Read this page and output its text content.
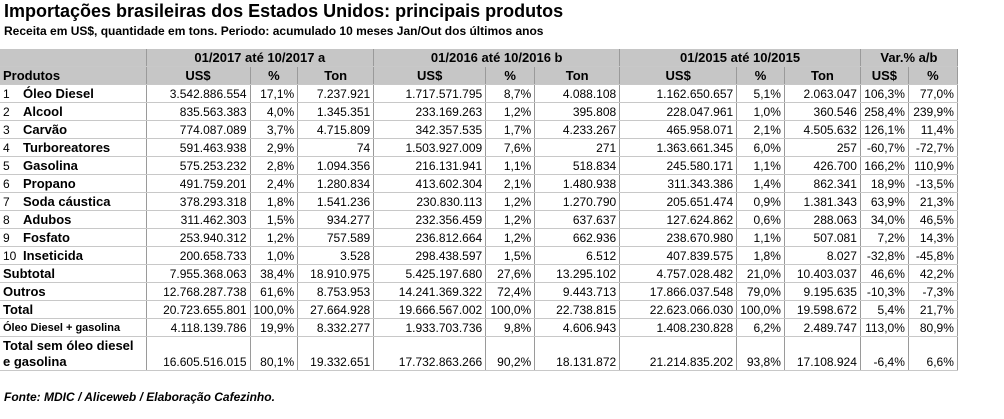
Importações brasileiras dos Estados Unidos: principais produtos
Receita em US$, quantidade em tons. Periodo: acumulado 10 meses Jan/Out dos últimos anos
		01/2017 até 10/2017 a			01/2016 até 10/2016 b			01/2015 até 10/2015			Var.% a/b	
Produtos		US$	%	Ton	US$	%	Ton	US$	%	Ton	US$	%
1	Óleo Diesel	3.542.886.554	17,1%	7.237.921	1.717.571.795	8,7%	4.088.108	1.162.650.657	5,1%	2.063.047	106,3%	77,0%
2	Alcool	835.563.383	4,0%	1.345.351	233.169.263	1,2%	395.808	228.047.961	1,0%	360.546	258,4%	239,9%
3	Carvão	774.087.089	3,7%	4.715.809	342.357.535	1,7%	4.233.267	465.958.071	2,1%	4.505.632	126,1%	11,4%
4	Turboreatores	591.463.938	2,9%	74	1.503.927.009	7,6%	271	1.363.661.345	6,0%	257	-60,7%	-72,7%
5	Gasolina	575.253.232	2,8%	1.094.356	216.131.941	1,1%	518.834	245.580.171	1,1%	426.700	166,2%	110,9%
6	Propano	491.759.201	2,4%	1.280.834	413.602.304	2,1%	1.480.938	311.343.386	1,4%	862.341	18,9%	-13,5%
7	Soda cáustica	378.293.318	1,8%	1.541.236	230.830.113	1,2%	1.270.790	205.651.474	0,9%	1.381.343	63,9%	21,3%
8	Adubos	311.462.303	1,5%	934.277	232.356.459	1,2%	637.637	127.624.862	0,6%	288.063	34,0%	46,5%
9	Fosfato	253.940.312	1,2%	757.589	236.812.664	1,2%	662.936	238.670.980	1,1%	507.081	7,2%	14,3%
10	Inseticida	200.658.733	1,0%	3.528	298.438.597	1,5%	6.512	407.839.575	1,8%	8.027	-32,8%	-45,8%
Subtotal		7.955.368.063	38,4%	18.910.975	5.425.197.680	27,6%	13.295.102	4.757.028.482	21,0%	10.403.037	46,6%	42,2%
Outros		12.768.287.738	61,6%	8.753.953	14.241.369.322	72,4%	9.443.713	17.866.037.548	79,0%	9.195.635	-10,3%	-7,3%
Total		20.723.655.801	100,0%	27.664.928	19.666.567.002	100,0%	22.738.815	22.623.066.030	100,0%	19.598.672	5,4%	21,7%
Óleo Diesel + gasolina		4.118.139.786	19,9%	8.332.277	1.933.703.736	9,8%	4.606.943	1.408.230.828	6,2%	2.489.747	113,0%	80,9%

Total sem óleo diesel
e gasolina		16.605.516.015	80,1%	19.332.651	17.732.863.266	90,2%	18.131.872	21.214.835.202	93,8%	17.108.924	-6,4%	6,6%
Fonte: MDIC / Aliceweb / Elaboração Cafezinho.
